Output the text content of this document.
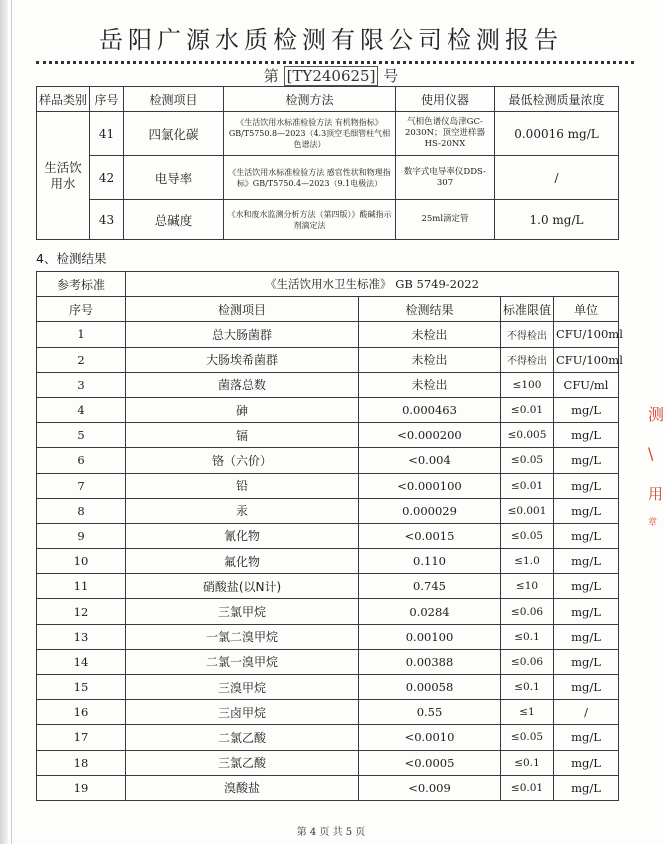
岳阳广源水质检测有限公司检测报告
第 [TY240625] 号
样品类别	序号	检测项目	检测方法	使用仪器	最低检测质量浓度
生活饮用水	41	四氯化碳	《生活饮用水标准检验方法 有机物指标》GB/T5750.8—2023（4.3顶空毛细管柱气相色谱法）	气相色谱仪岛津GC-2030N；顶空进样器HS-20NX	0.00016 mg/L
	42	电导率	《生活饮用水标准检验方法 感官性状和物理指标》GB/T5750.4—2023（9.1电极法）	数字式电导率仪DDS-307	/
	43	总碱度	《水和废水监测分析方法（第四版）》酸碱指示剂滴定法	25ml滴定管	1.0 mg/L
4、检测结果
参考标准	《生活饮用水卫生标准》 GB 5749-2022			
序号	检测项目	检测结果	标准限值	单位
1	总大肠菌群	未检出	不得检出	CFU/100ml
2	大肠埃希菌群	未检出	不得检出	CFU/100ml
3	菌落总数	未检出	≤100	CFU/ml
4	砷	0.000463	≤0.01	mg/L
5	镉	<0.000200	≤0.005	mg/L
6	铬（六价）	<0.004	≤0.05	mg/L
7	铅	<0.000100	≤0.01	mg/L
8	汞	0.000029	≤0.001	mg/L
9	氰化物	<0.0015	≤0.05	mg/L
10	氟化物	0.110	≤1.0	mg/L
11	硝酸盐(以N计)	0.745	≤10	mg/L
12	三氯甲烷	0.0284	≤0.06	mg/L
13	一氯二溴甲烷	0.00100	≤0.1	mg/L
14	二氯一溴甲烷	0.00388	≤0.06	mg/L
15	三溴甲烷	0.00058	≤0.1	mg/L
16	三卤甲烷	0.55	≤1	/
17	二氯乙酸	<0.0010	≤0.05	mg/L
18	三氯乙酸	<0.0005	≤0.1	mg/L
19	溴酸盐	<0.009	≤0.01	mg/L
第 4 页 共 5 页
测
\
用
章
